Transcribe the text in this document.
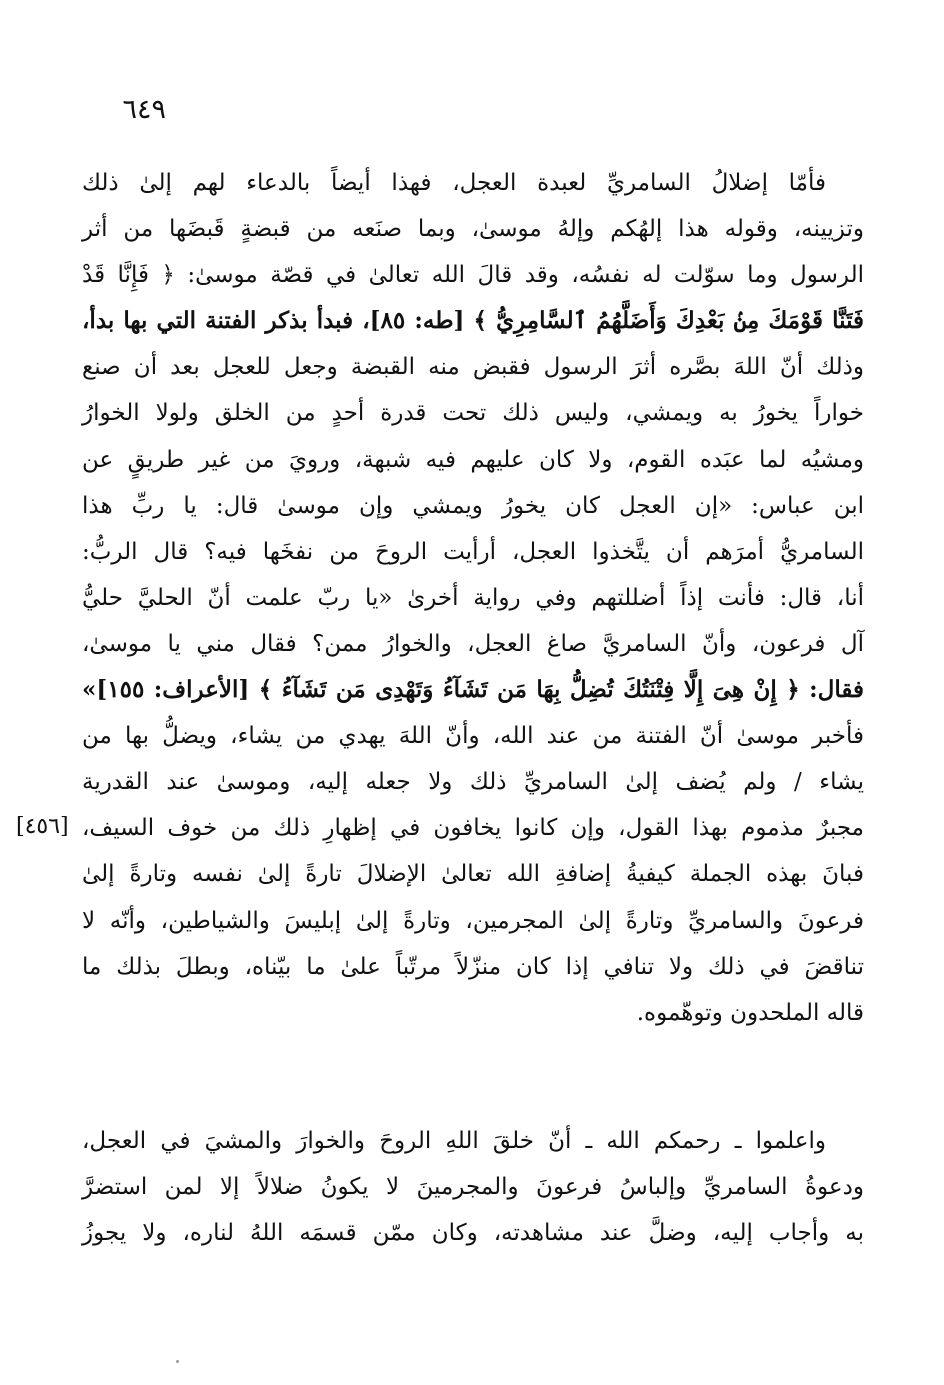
٦٤٩
[٤٥٦]
فأمّا إضلالُ السامريِّ لعبدة العجل، فهذا أيضاً بالدعاء لهم إلىٰ ذلك
وتزيينه، وقوله هذا إلهُكم وإلهُ موسىٰ، وبما صنَعه من قبضةٍ قَبضَها من أثر
الرسول وما سوّلت له نفسُه، وقد قالَ الله تعالىٰ في قصّة موسىٰ: ﴿ فَإِنَّا قَدْ
فَتَنَّا قَوْمَكَ مِنۢ بَعْدِكَ وَأَضَلَّهُمُ ٱلسَّامِرِيُّ ﴾ [طه: ٨٥]، فبدأ بذكر الفتنة التي بها بدأ،
وذلك أنّ اللهَ بصَّره أثرَ الرسول فقبض منه القبضة وجعل للعجل بعد أن صنع
خواراً يخورُ به ويمشي، وليس ذلك تحت قدرة أحدٍ من الخلق ولولا الخوارُ
ومشيُه لما عبَده القوم، ولا كان عليهم فيه شبهة، ورويَ من غير طريقٍ عن
ابن عباس: «إن العجل كان يخورُ ويمشي وإن موسىٰ قال: يا ربِّ هذا
السامريُّ أمرَهم أن يتَّخذوا العجل، أرأيت الروحَ من نفخَها فيه؟ قال الربُّ:
أنا، قال: فأنت إذاً أضللتهم وفي رواية أخرىٰ «يا ربّ علمت أنّ الحليَّ حليُّ
آل فرعون، وأنّ السامريَّ صاغ العجل، والخوارُ ممن؟ فقال مني يا موسىٰ،
فقال: ﴿ إِنْ هِىَ إِلَّا فِتْنَتُكَ تُضِلُّ بِهَا مَن تَشَآءُ وَتَهْدِى مَن تَشَآءُ ﴾ [الأعراف: ١٥٥]»
فأخبر موسىٰ أنّ الفتنة من عند الله، وأنّ اللهَ يهدي من يشاء، ويضلُّ بها من
يشاء / ولم يُضف إلىٰ السامريِّ ذلك ولا جعله إليه، وموسىٰ عند القدرية
مجبرٌ مذموم بهذا القول، وإن كانوا يخافون في إظهارِ ذلك من خوف السيف،
فبانَ بهذه الجملة كيفيةُ إضافةِ الله تعالىٰ الإضلالَ تارةً إلىٰ نفسه وتارةً إلىٰ
فرعونَ والسامريِّ وتارةً إلىٰ المجرمين، وتارةً إلىٰ إبليسَ والشياطين، وأنّه لا
تناقضَ في ذلك ولا تنافي إذا كان منزّلاً مرتّباً علىٰ ما بيّناه، وبطلَ بذلك ما
قاله الملحدون وتوهّموه.
واعلموا ـ رحمكم الله ـ أنّ خلقَ اللهِ الروحَ والخوارَ والمشيَ في العجل،
ودعوةُ السامريِّ وإلباسُ فرعونَ والمجرمينَ لا يكونُ ضلالاً إلا لمن استضرَّ
به وأجاب إليه، وضلَّ عند مشاهدته، وكان ممّن قسمَه اللهُ لناره، ولا يجوزُ
